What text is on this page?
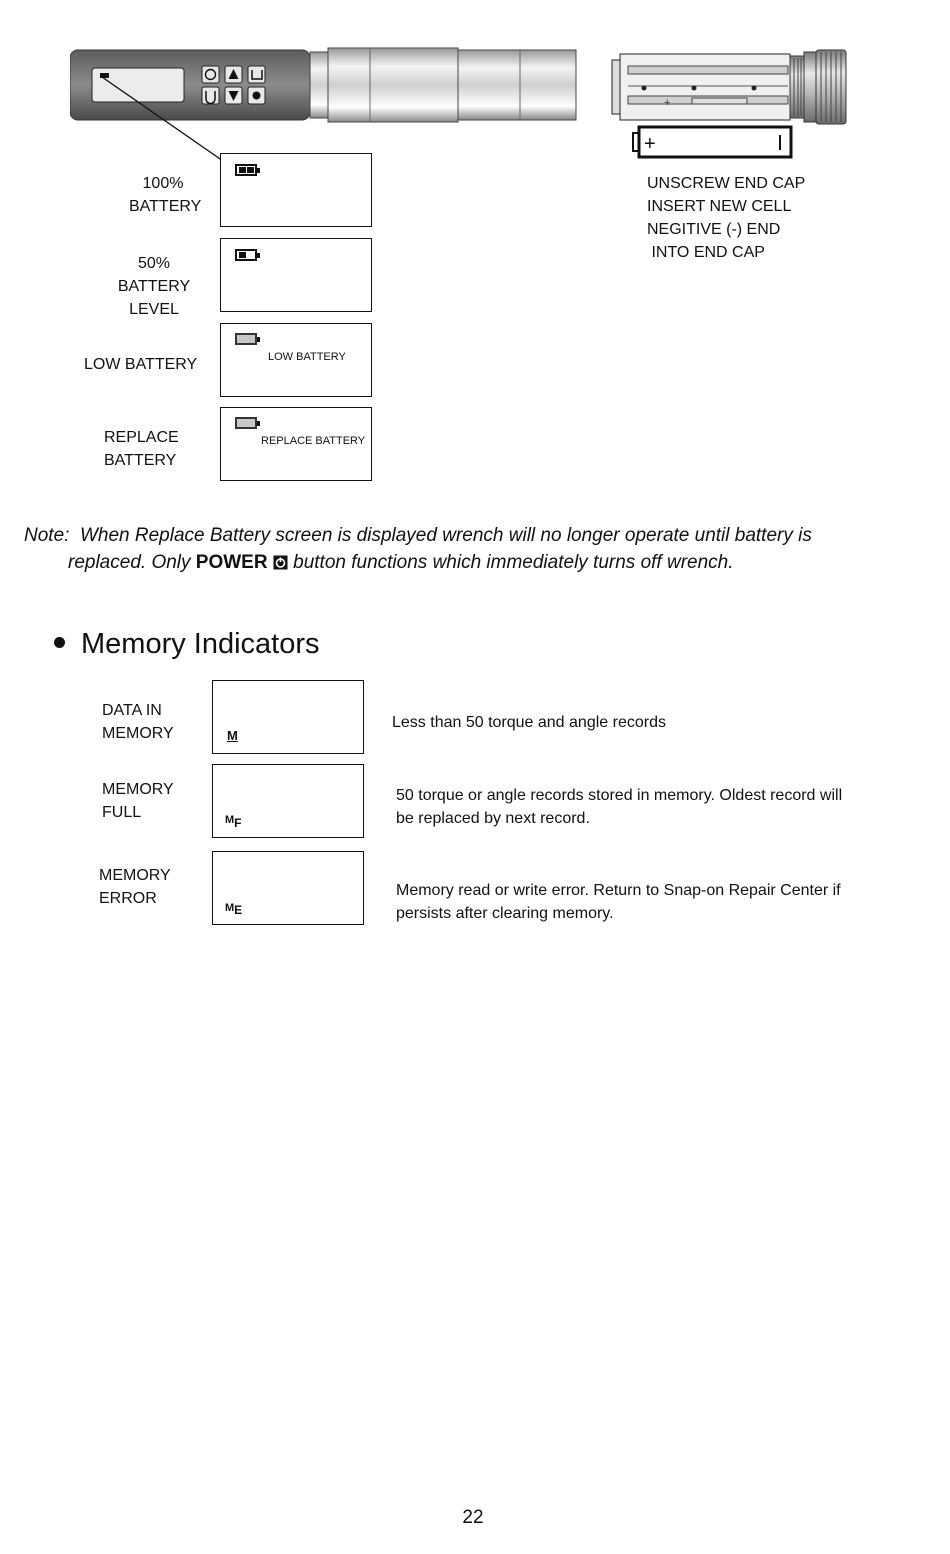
+
+
100%
BATTERY
50% BATTERY
LEVEL
LOW BATTERY	LOW BATTERY
REPLACE
BATTERY
REPLACE BATTERY
UNSCREW END CAP
INSERT NEW CELL
NEGITIVE (-) END
INTO END CAP
Note: When Replace Battery screen is displayed wrench will no longer operate until battery is
replaced. Only POWER button functions which immediately turns off wrench.
Memory Indicators
DATA IN
MEMORY	M
Less than 50 torque and angle records
MEMORY
FULL	MF
50 torque or angle records stored in memory. Oldest record will
be replaced by next record.
MEMORY
ERROR
ME
Memory read or write error. Return to Snap-on Repair Center if
persists after clearing memory.
22
